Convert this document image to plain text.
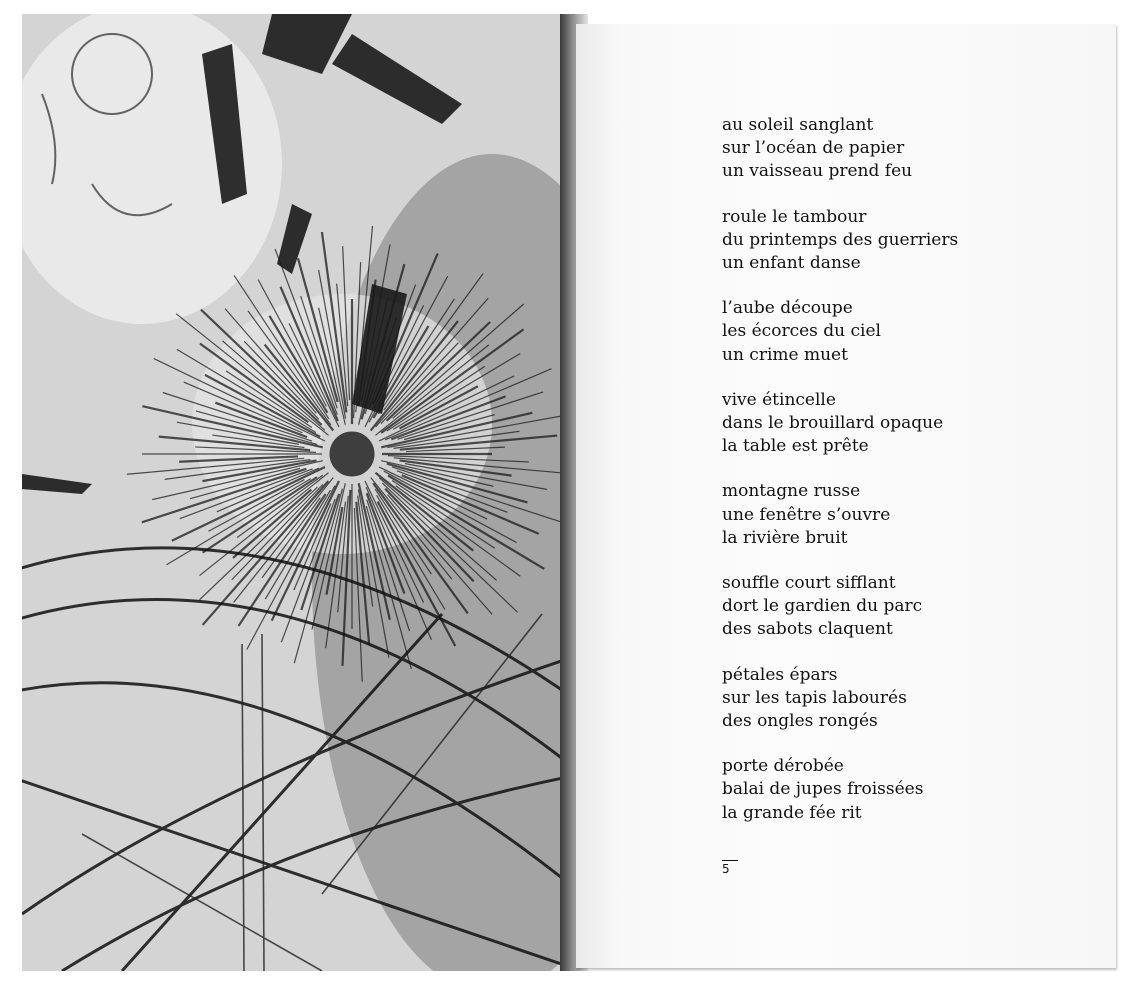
au soleil sanglant
sur l’océan de papier
un vaisseau prend feu
roule le tambour
du printemps des guerriers
un enfant danse
l’aube découpe
les écorces du ciel
un crime muet
vive étincelle
dans le brouillard opaque
la table est prête
montagne russe
une fenêtre s’ouvre
la rivière bruit
souffle court sifflant
dort le gardien du parc
des sabots claquent
pétales épars
sur les tapis labourés
des ongles rongés
porte dérobée
balai de jupes froissées
la grande fée rit
5
